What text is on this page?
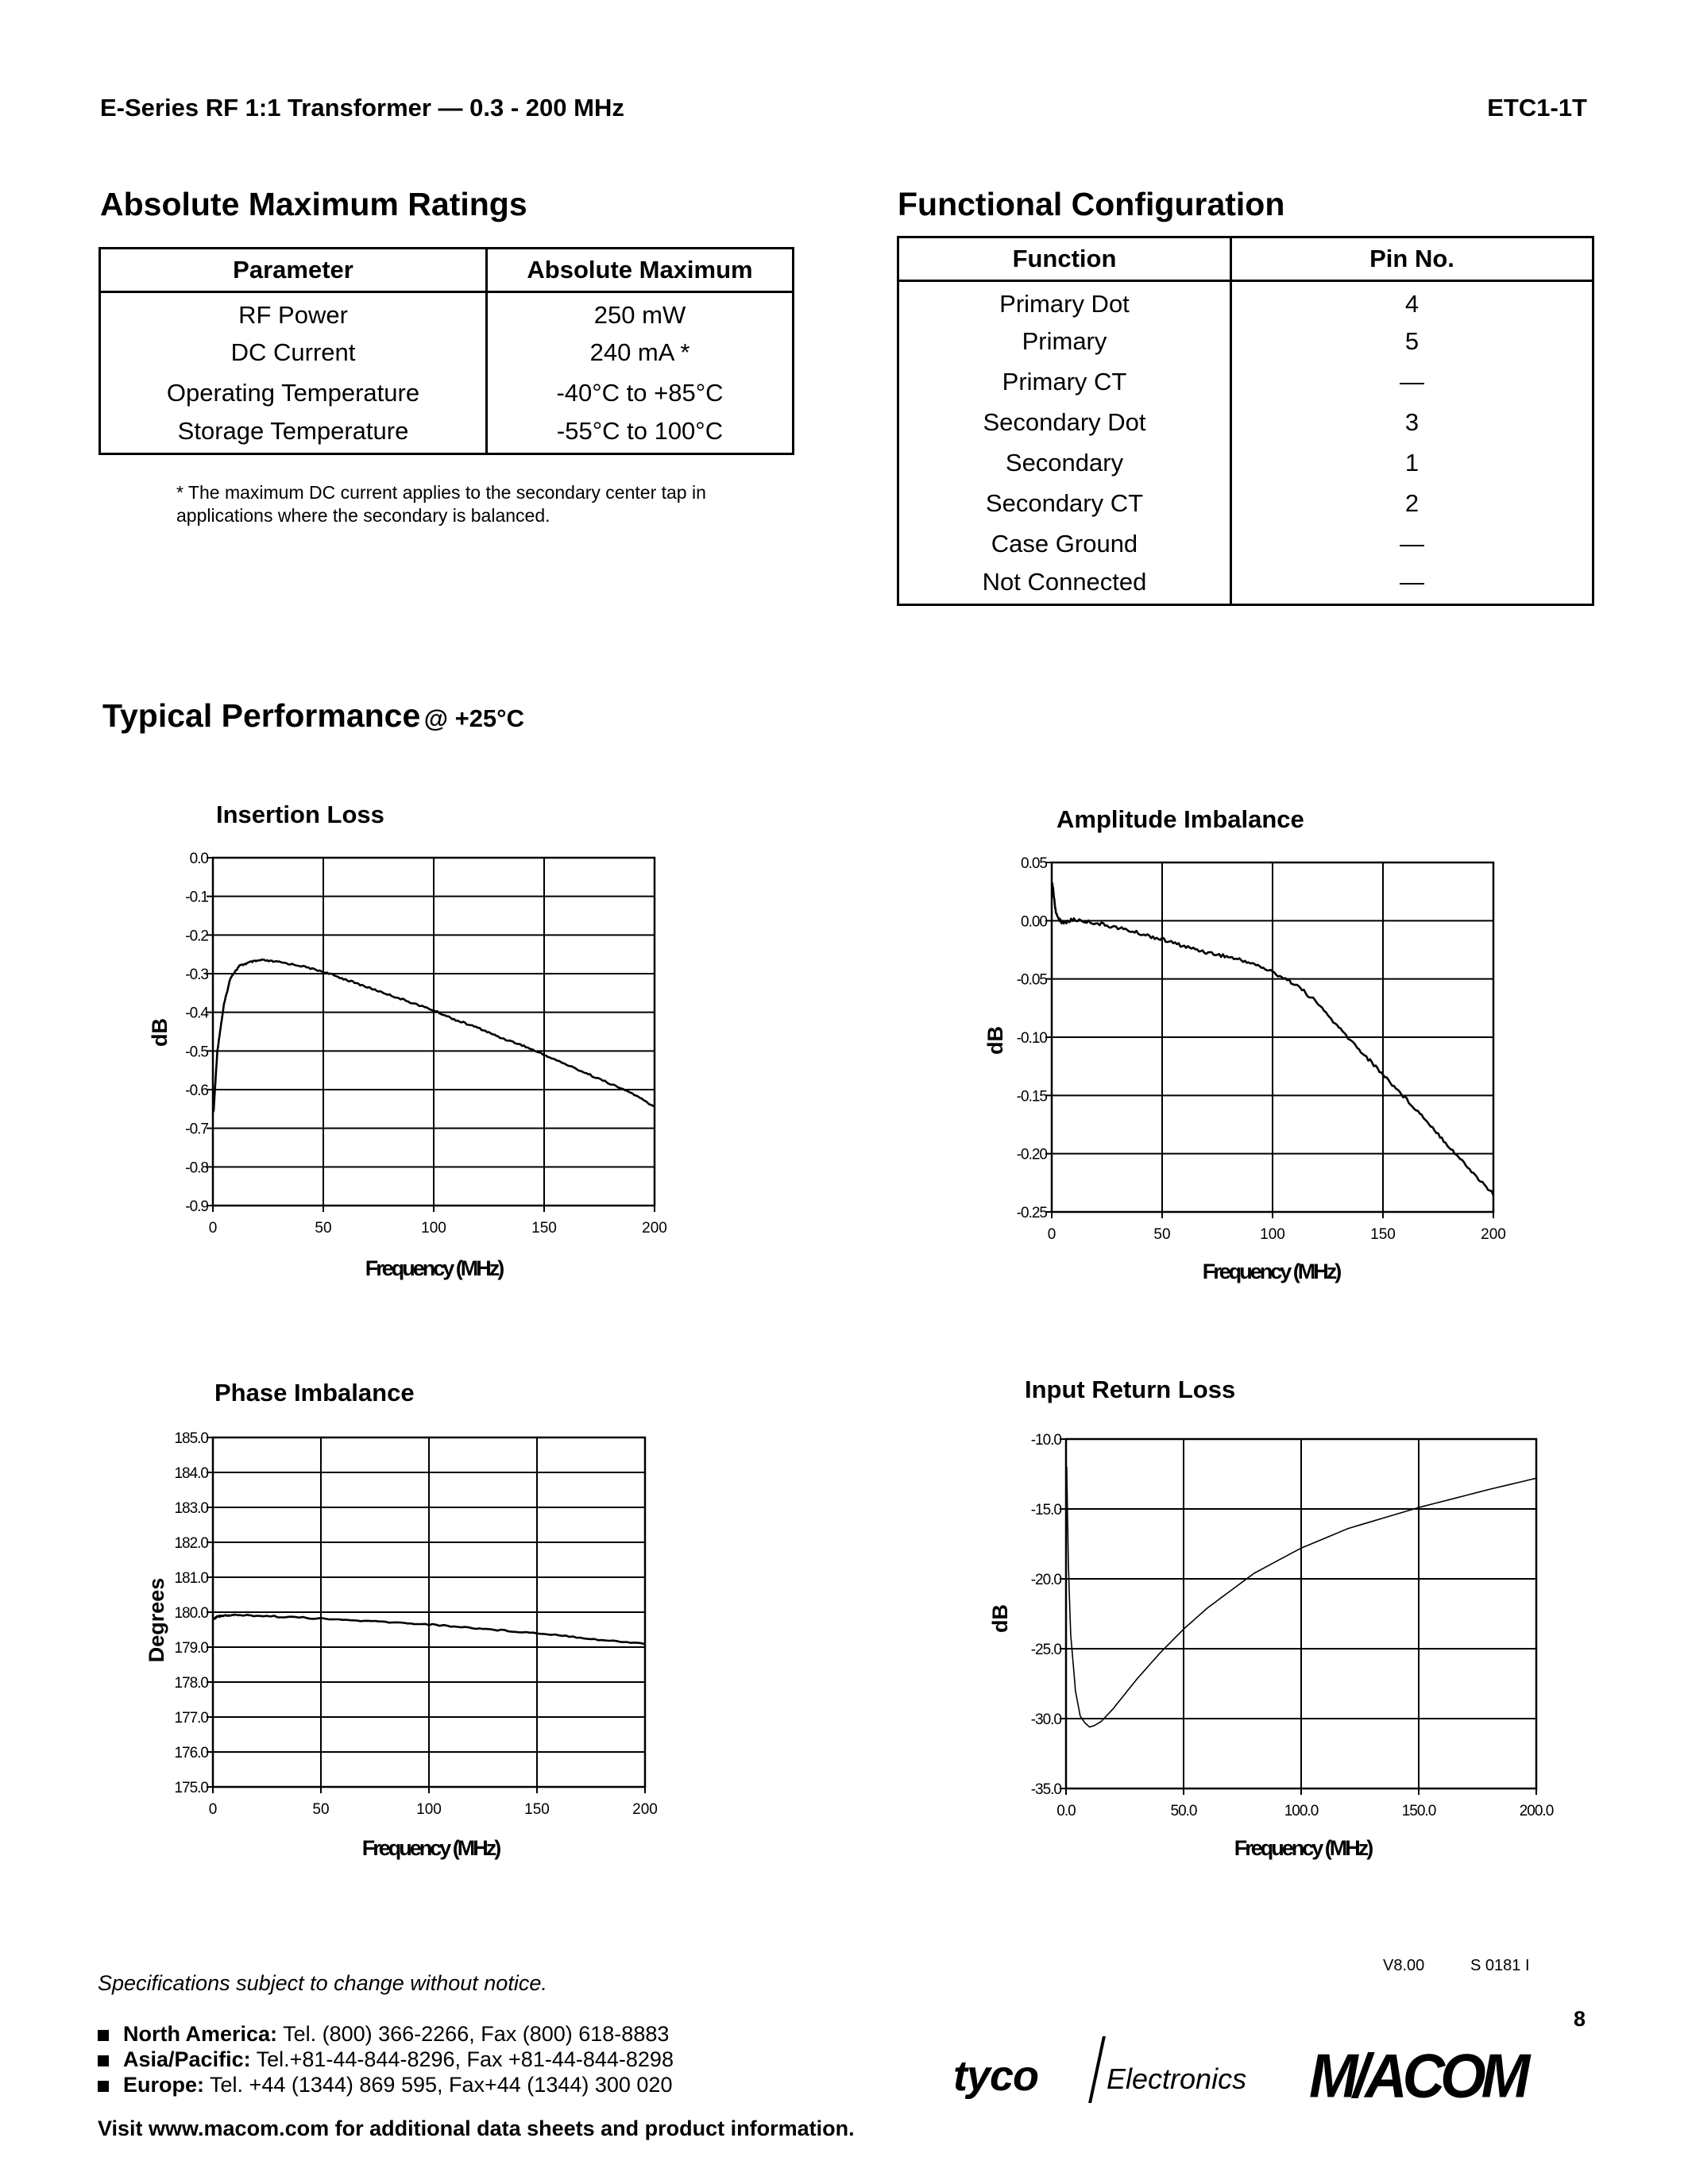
E-Series RF 1:1 Transformer — 0.3 - 200 MHz	ETC1-1T
Absolute Maximum Ratings
Parameter	Absolute Maximum
RF Power	250 mW
DC Current	240 mA *
Operating Temperature	-40°C to +85°C
Storage Temperature	-55°C to 100°C
* The maximum DC current applies to the secondary center tap in
applications where the secondary is balanced.
Functional Configuration
Function	Pin No.
Primary Dot	4
Primary	5
Primary CT	—
Secondary Dot	3
Secondary	1
Secondary CT	2
Case Ground	—
Not Connected	—
Typical Performance @ +25°C
Insertion Loss
0	50	100	150	200
0.0
-0.1
-0.2
-0.3
-0.4
-0.5
-0.6
-0.7
-0.8
-0.9
Frequency (MHz)
dB
Amplitude Imbalance
0	50	100	150	200
0.05
0.00
-0.05
-0.10
-0.15
-0.20
-0.25
Frequency (MHz)
dB
Phase Imbalance
0	50	100	150	200
185.0
184.0
183.0
182.0
181.0
180.0
179.0
178.0
177.0
176.0
175.0
Frequency (MHz)
Degrees
Input Return Loss
0.0	50.0	100.0	150.0	200.0
-10.0
-15.0
-20.0
-25.0
-30.0
-35.0
Frequency (MHz)
dB
V8.00	S 0181 I
Specifications subject to change without notice.
8
North America: Tel. (800) 366-2266, Fax (800) 618-8883
Asia/Pacific: Tel.+81-44-844-8296, Fax +81-44-844-8298
Europe: Tel. +44 (1344) 869 595, Fax+44 (1344) 300 020
Visit www.macom.com for additional data sheets and product information.
tyco Electronics M/ACOM
